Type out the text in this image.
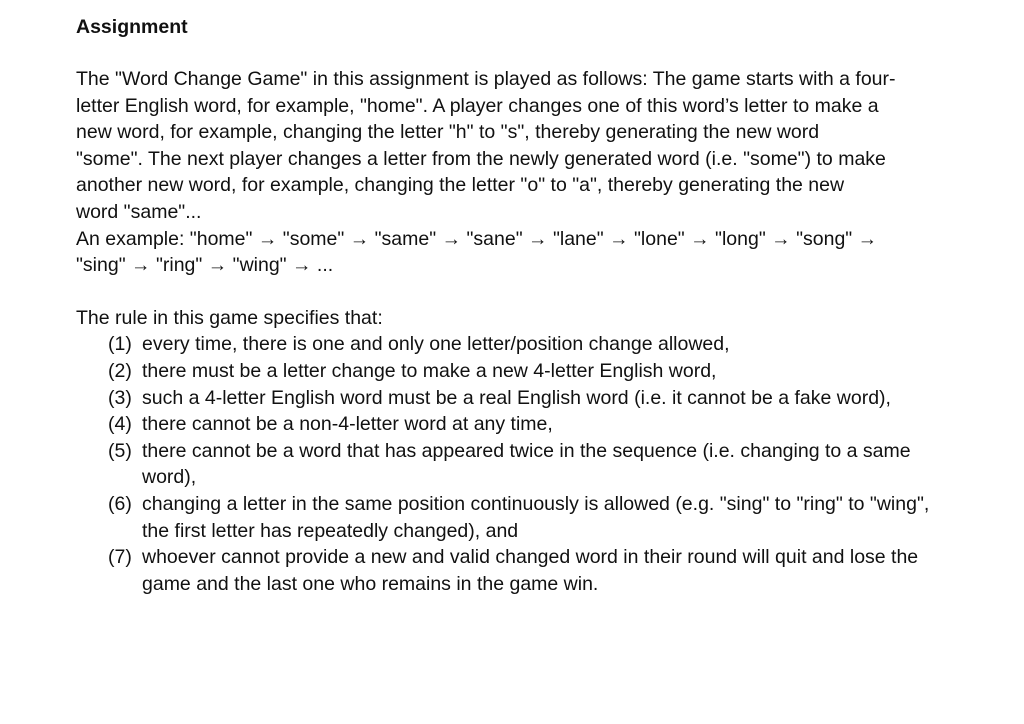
Assignment

The "Word Change Game" in this assignment is played as follows: The game starts with a four-
letter English word, for example, "home". A player changes one of this word’s letter to make a
new word, for example, changing the letter "h" to "s", thereby generating the new word
"some". The next player changes a letter from the newly generated word (i.e. "some") to make
another new word, for example, changing the letter "o" to "a", thereby generating the new
word "same"...

An example: "home" → "some" → "same" → "sane" → "lane" → "lone" → "long" → "song" →
"sing" → "ring" → "wing" → ...

The rule in this game specifies that:

(1) every time, there is one and only one letter/position change allowed,
(2) there must be a letter change to make a new 4-letter English word,
(3) such a 4-letter English word must be a real English word (i.e. it cannot be a fake word),
(4) there cannot be a non-4-letter word at any time,
(5) there cannot be a word that has appeared twice in the sequence (i.e. changing to a same word),
(6) changing a letter in the same position continuously is allowed (e.g. "sing" to "ring" to "wing", the first letter has repeatedly changed), and
(7) whoever cannot provide a new and valid changed word in their round will quit and lose the game and the last one who remains in the game win.
